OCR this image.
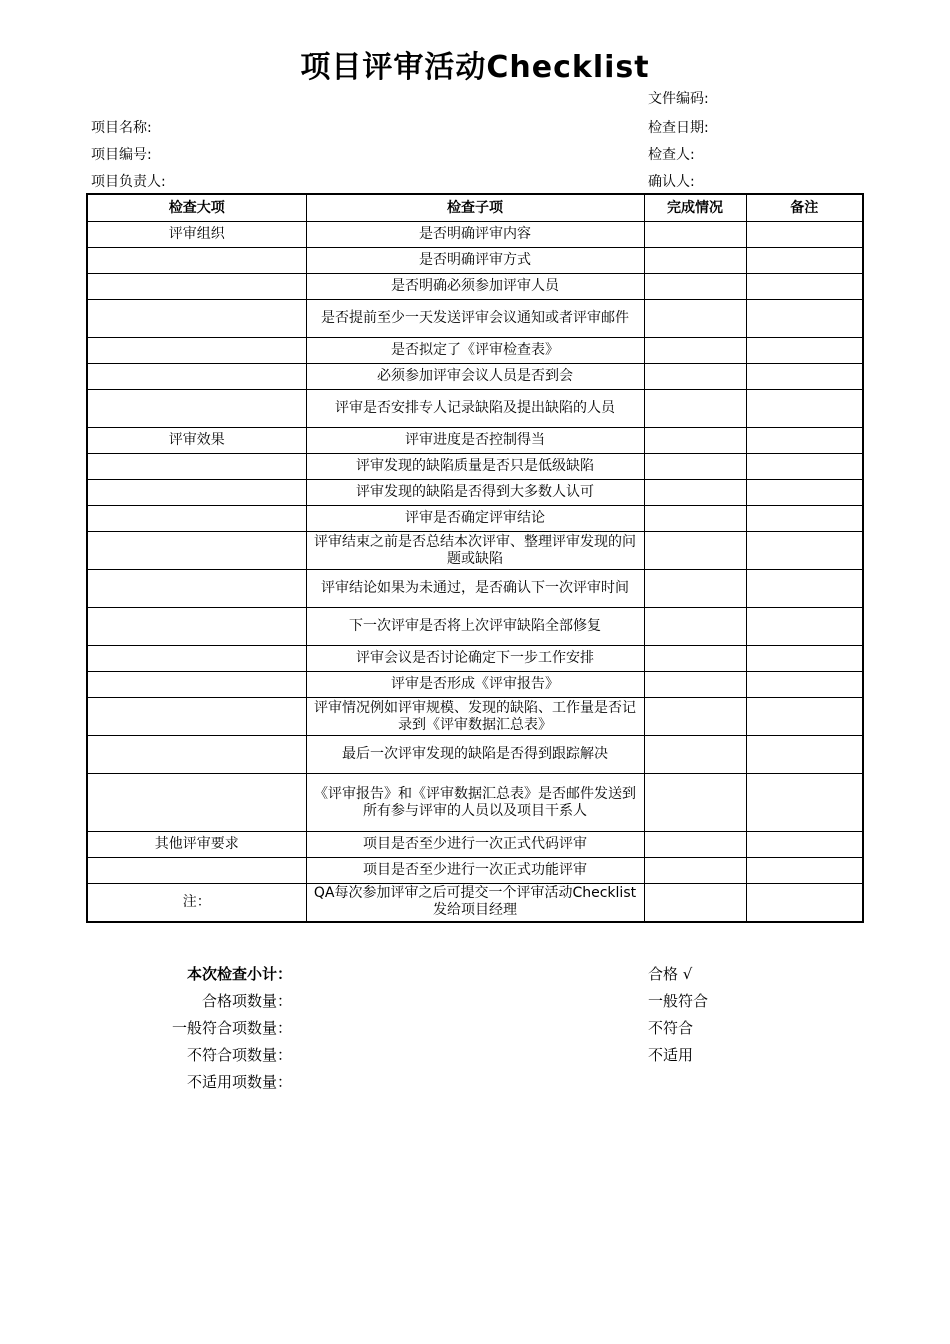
项目评审活动Checklist
文件编码:
项目名称:	检查日期:
项目编号:	检查人:
项目负责人:	确认人:
检查大项	检查子项	完成情况	备注
评审组织	是否明确评审内容		
	是否明确评审方式		
	是否明确必须参加评审人员		
	是否提前至少一天发送评审会议通知或者评审邮件		
	是否拟定了《评审检查表》		
	必须参加评审会议人员是否到会		
	评审是否安排专人记录缺陷及提出缺陷的人员		
评审效果	评审进度是否控制得当		
	评审发现的缺陷质量是否只是低级缺陷		
	评审发现的缺陷是否得到大多数人认可		
	评审是否确定评审结论		
	评审结束之前是否总结本次评审、整理评审发现的问题或缺陷		
	评审结论如果为未通过，是否确认下一次评审时间		
	下一次评审是否将上次评审缺陷全部修复		
	评审会议是否讨论确定下一步工作安排		
	评审是否形成《评审报告》		
	评审情况例如评审规模、发现的缺陷、工作量是否记录到《评审数据汇总表》		
	最后一次评审发现的缺陷是否得到跟踪解决		
	《评审报告》和《评审数据汇总表》是否邮件发送到所有参与评审的人员以及项目干系人		
其他评审要求	项目是否至少进行一次正式代码评审		
	项目是否至少进行一次正式功能评审		
注：	QA每次参加评审之后可提交一个评审活动Checklist发给项目经理		
本次检查小计：
合格项数量：
一般符合项数量：
不符合项数量：
不适用项数量：
合格 √
一般符合
不符合
不适用
